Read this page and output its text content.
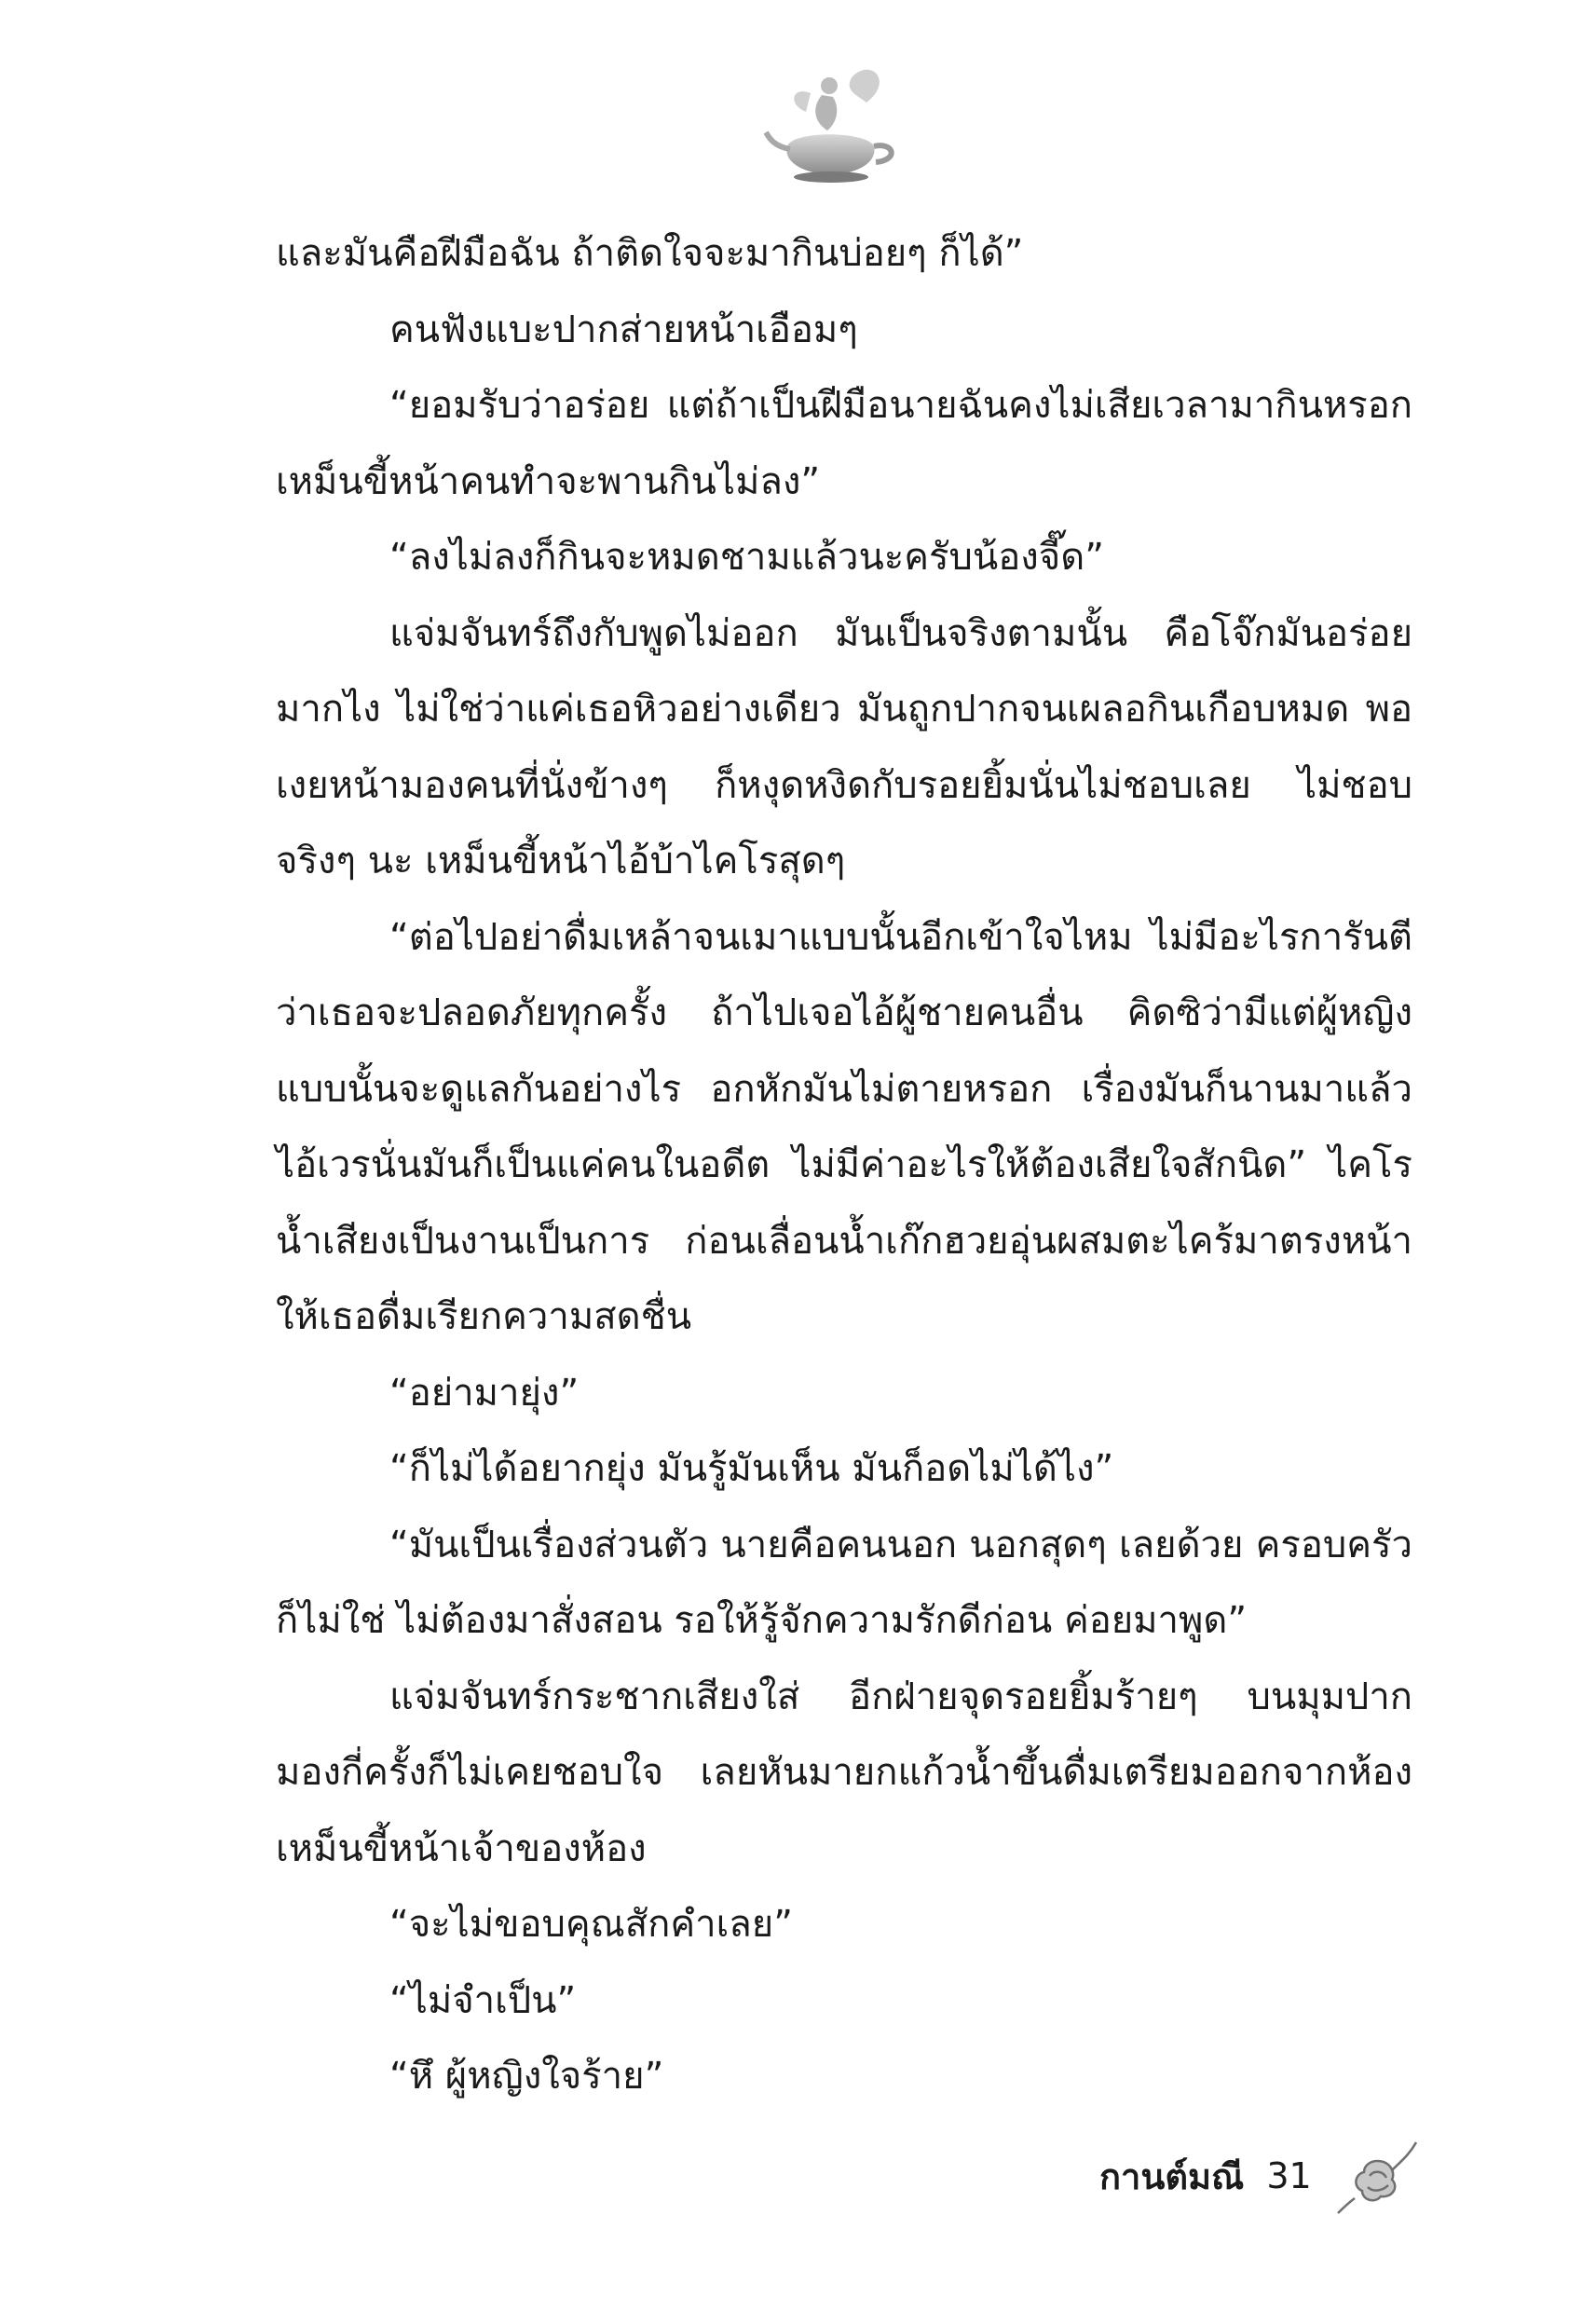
และมันคือฝีมือฉัน ถ้าติดใจจะมากินบ่อยๆ ก็ได้”

คนฟังแบะปากส่ายหน้าเอือมๆ

“ยอมรับว่าอร่อย แต่ถ้าเป็นฝีมือนายฉันคงไม่เสียเวลามากินหรอก เหม็นขี้หน้าคนทำจะพานกินไม่ลง”

“ลงไม่ลงก็กินจะหมดชามแล้วนะครับน้องจี๊ด”

แจ่มจันทร์ถึงกับพูดไม่ออก มันเป็นจริงตามนั้น คือโจ๊กมันอร่อยมากไง ไม่ใช่ว่าแค่เธอหิวอย่างเดียว มันถูกปากจนเผลอกินเกือบหมด พอเงยหน้ามองคนที่นั่งข้างๆ ก็หงุดหงิดกับรอยยิ้มนั่นไม่ชอบเลย ไม่ชอบจริงๆ นะ เหม็นขี้หน้าไอ้บ้าไคโรสุดๆ

“ต่อไปอย่าดื่มเหล้าจนเมาแบบนั้นอีกเข้าใจไหม ไม่มีอะไรการันตีว่าเธอจะปลอดภัยทุกครั้ง ถ้าไปเจอไอ้ผู้ชายคนอื่น คิดซิว่ามีแต่ผู้หญิงแบบนั้นจะดูแลกันอย่างไร อกหักมันไม่ตายหรอก เรื่องมันก็นานมาแล้ว ไอ้เวรนั่นมันก็เป็นแค่คนในอดีต ไม่มีค่าอะไรให้ต้องเสียใจสักนิด” ไคโรน้ำเสียงเป็นงานเป็นการ ก่อนเลื่อนน้ำเก๊กฮวยอุ่นผสมตะไคร้มาตรงหน้าให้เธอดื่มเรียกความสดชื่น

“อย่ามายุ่ง”

“ก็ไม่ได้อยากยุ่ง มันรู้มันเห็น มันก็อดไม่ได้ไง”

“มันเป็นเรื่องส่วนตัว นายคือคนนอก นอกสุดๆ เลยด้วย ครอบครัวก็ไม่ใช่ ไม่ต้องมาสั่งสอน รอให้รู้จักความรักดีก่อน ค่อยมาพูด”

แจ่มจันทร์กระชากเสียงใส่ อีกฝ่ายจุดรอยยิ้มร้ายๆ บนมุมปาก มองกี่ครั้งก็ไม่เคยชอบใจ เลยหันมายกแก้วน้ำขึ้นดื่มเตรียมออกจากห้อง เหม็นขี้หน้าเจ้าของห้อง

“จะไม่ขอบคุณสักคำเลย”

“ไม่จำเป็น”

“หึ ผู้หญิงใจร้าย”

กานต์มณี 31
